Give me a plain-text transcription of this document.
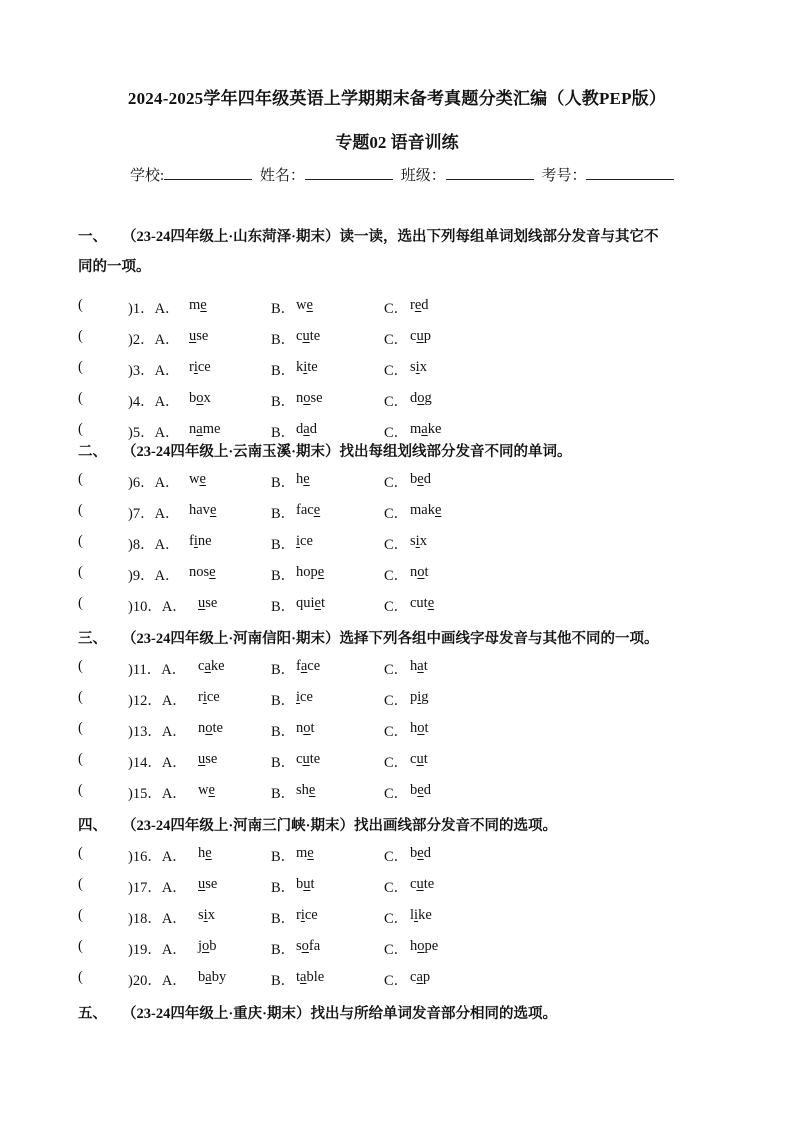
2024-2025学年四年级英语上学期期末备考真题分类汇编（人教PEP版）
专题02 语音训练
学校:	姓名：	班级：	考号：
一、 （23-24四年级上·山东菏泽·期末）读一读，选出下列每组单词划线部分发音与其它不
同的一项。
(	)1．A． me	B． we	C． red
(	)2．A． use	B． cute	C． cup
(	)3．A． rice	B． kite	C． six
(	)4．A． box	B． nose	C． dog
(	)5．A． name	B． dad	C． make
二、 （23-24四年级上·云南玉溪·期末）找出每组划线部分发音不同的单词。
(	)6．A． we	B． he	C． bed
(	)7．A． have	B． face	C． make
(	)8．A． fine	B． ice	C． six
(	)9．A． nose	B． hope	C． not
(	)10．A． use	B． quiet	C． cute
三、 （23-24四年级上·河南信阳·期末）选择下列各组中画线字母发音与其他不同的一项。
(	)11．A． cake	B． face	C． hat
(	)12．A． rice	B． ice	C． pig
(	)13．A． note	B． not	C． hot
(	)14．A． use	B． cute	C． cut
(	)15．A． we	B． she	C． bed
四、 （23-24四年级上·河南三门峡·期末）找出画线部分发音不同的选项。
(	)16．A． he	B． me	C． bed
(	)17．A． use	B． but	C． cute
(	)18．A． six	B． rice	C． like
(	)19．A． job	B． sofa	C． hope
(	)20．A． baby	B． table	C． cap
五、 （23-24四年级上·重庆·期末）找出与所给单词发音部分相同的选项。
